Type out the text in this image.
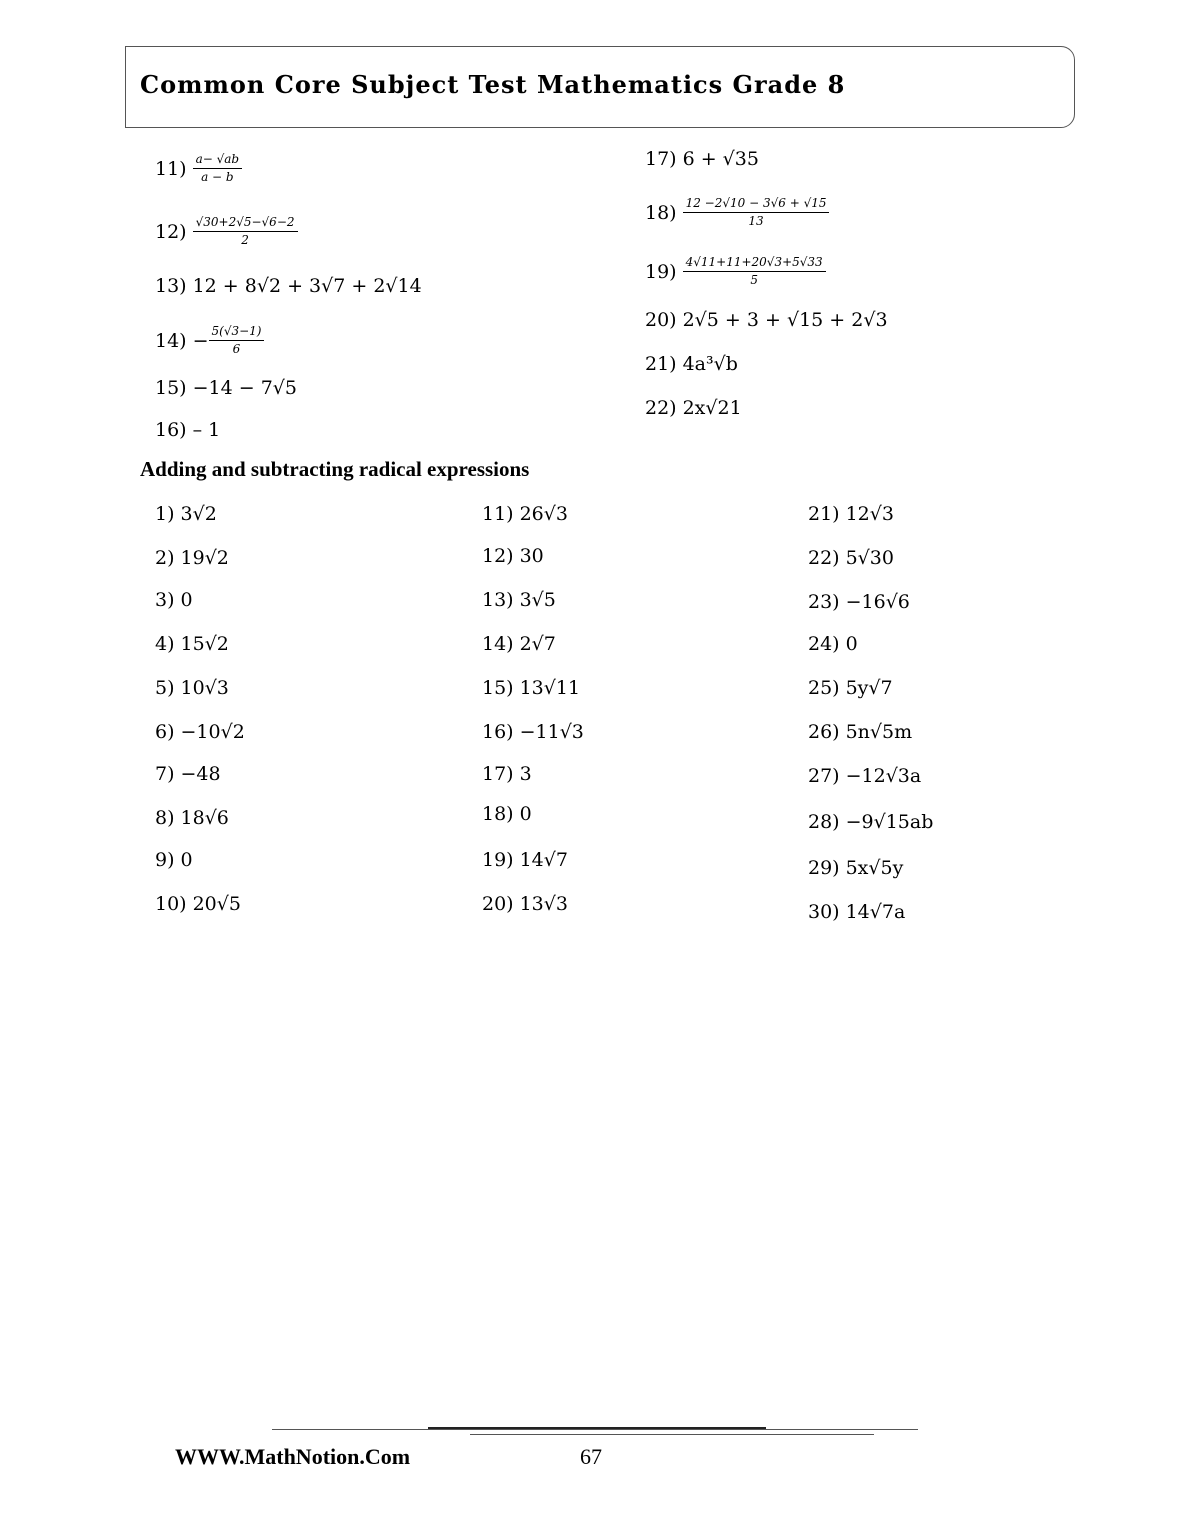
Common Core Subject Test Mathematics Grade 8
$11) \frac{a- √ab}{a - b}$
$12) \frac{√30+2√5-√6-2}{2}$
13) 12 + 8√2 + 3√7 + 2√14
$14) - \frac{5(√3-1)}{6}$
15) −14 − 7√5
16) – 1
17) 6 + √35
$18) \frac{12 -2√10 - 3√6 + √15}{13}$
$19) \frac{4√11+11+20√3+5√33}{5}$
20) 2√5 + 3 + √15 + 2√3
21) 4a³√b
22) 2x√21
1) 3√2
2) 19√2
3) 0
4) 15√2
5) 10√3
6) −10√2
7) −48
8) 18√6
9) 0
10) 20√5
11) 26√3
12) 30
13) 3√5
14) 2√7
15) 13√11
16) −11√3
17) 3
18) 0
19) 14√7
20) 13√3
21) 12√3
22) 5√30
23) −16√6
24) 0
25) 5y√7
26) 5n√5m
27) −12√3a
28) −9√15ab
29) 5x√5y
30) 14√7a
Adding and subtracting radical expressions
WWW.MathNotion.Com	67
